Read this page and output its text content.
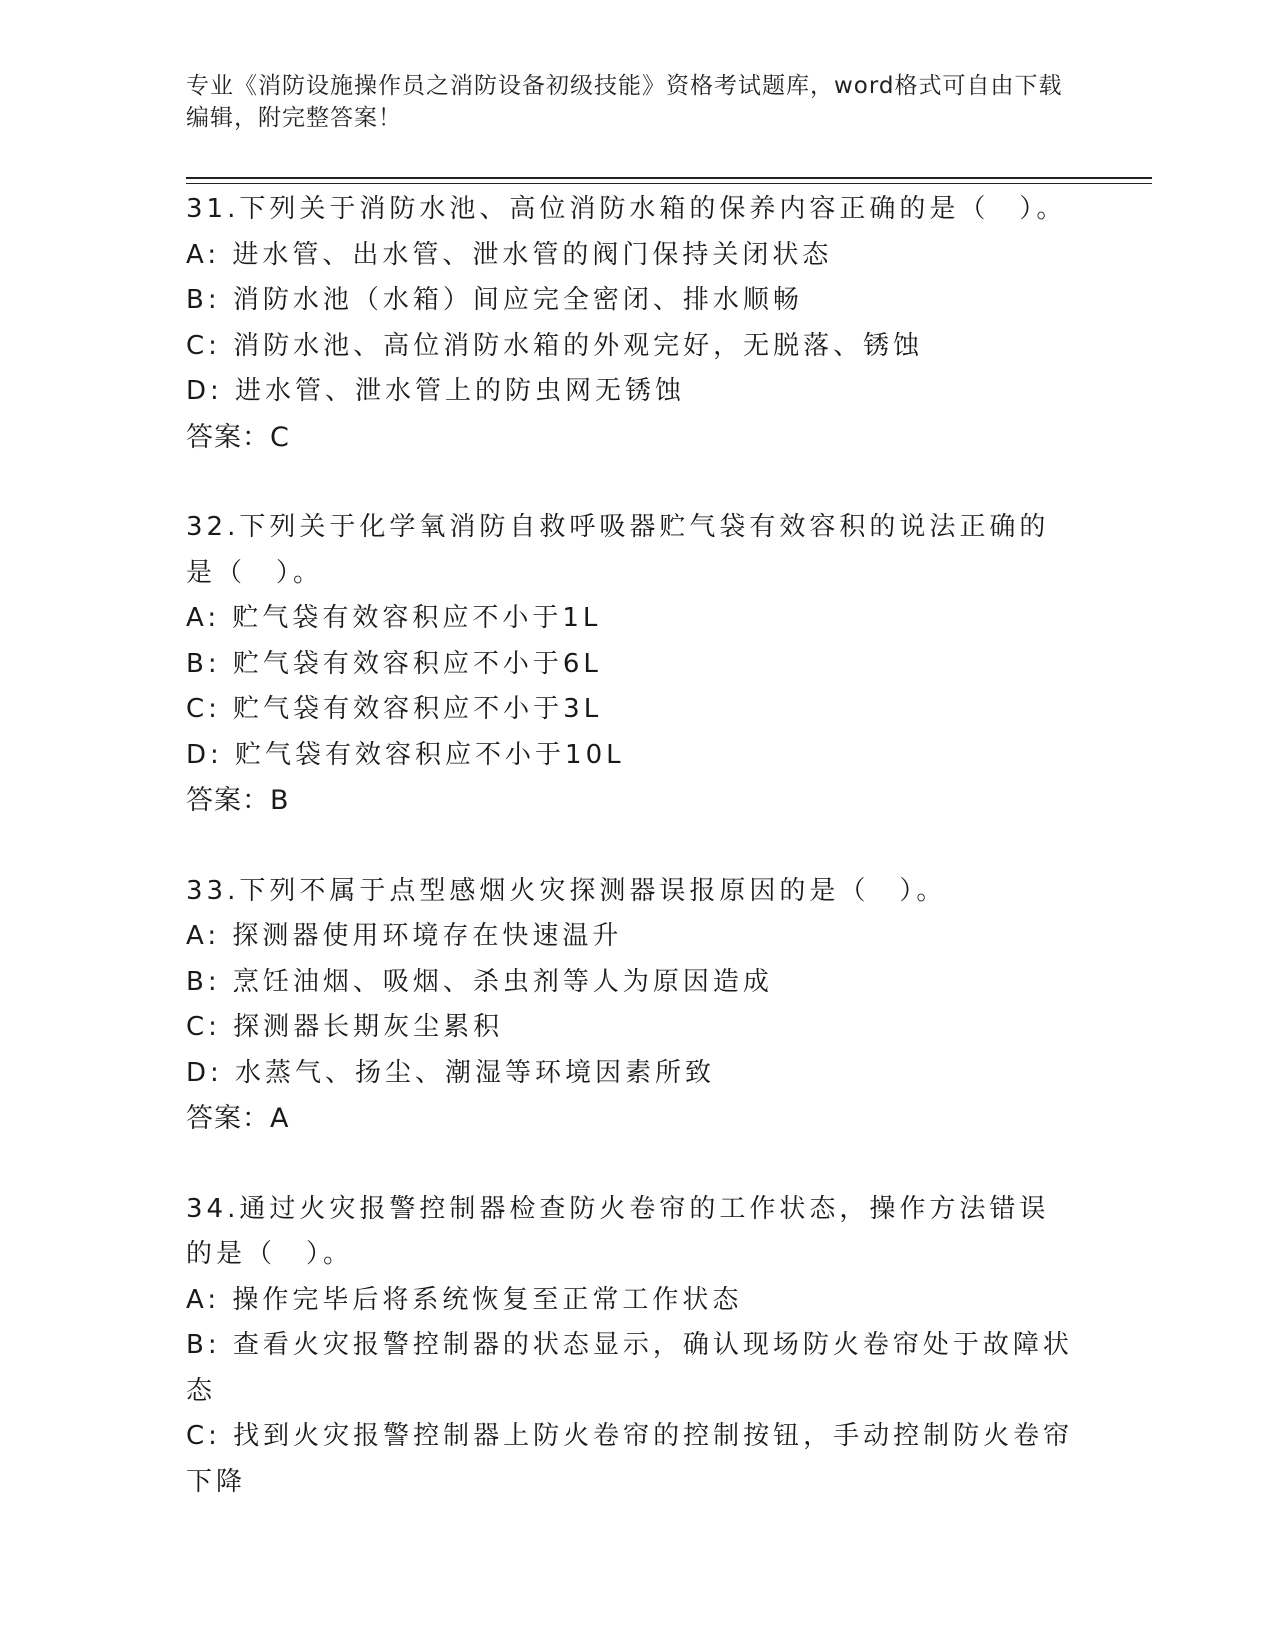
专业《消防设施操作员之消防设备初级技能》资格考试题库，word格式可自由下载编辑，附完整答案！

31.下列关于消防水池、高位消防水箱的保养内容正确的是（　）。

A: 进水管、出水管、泄水管的阀门保持关闭状态

B: 消防水池（水箱）间应完全密闭、排水顺畅

C: 消防水池、高位消防水箱的外观完好，无脱落、锈蚀

D: 进水管、泄水管上的防虫网无锈蚀

答案：C

32.下列关于化学氧消防自救呼吸器贮气袋有效容积的说法正确的是（　）。

A: 贮气袋有效容积应不小于1L

B: 贮气袋有效容积应不小于6L

C: 贮气袋有效容积应不小于3L

D: 贮气袋有效容积应不小于10L

答案：B

33.下列不属于点型感烟火灾探测器误报原因的是（　）。

A: 探测器使用环境存在快速温升

B: 烹饪油烟、吸烟、杀虫剂等人为原因造成

C: 探测器长期灰尘累积

D: 水蒸气、扬尘、潮湿等环境因素所致

答案：A

34.通过火灾报警控制器检查防火卷帘的工作状态，操作方法错误的是（　）。

A: 操作完毕后将系统恢复至正常工作状态

B: 查看火灾报警控制器的状态显示，确认现场防火卷帘处于故障状态

C: 找到火灾报警控制器上防火卷帘的控制按钮，手动控制防火卷帘下降
